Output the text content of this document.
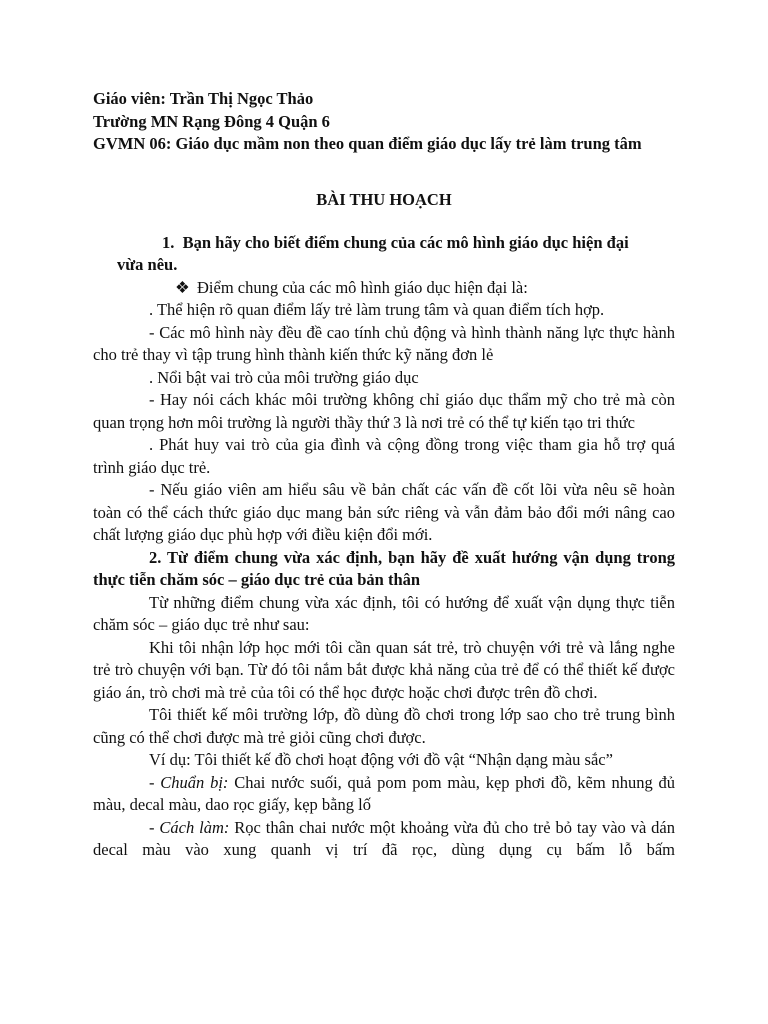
Giáo viên: Trần Thị Ngọc Thảo

Trường MN Rạng Đông 4 Quận 6

GVMN 06: Giáo dục mầm non theo quan điểm giáo dục lấy trẻ làm trung tâm

BÀI THU HOẠCH

1. Bạn hãy cho biết điểm chung của các mô hình giáo dục hiện đại

vừa nêu.

❖ Điểm chung của các mô hình giáo dục hiện đại là:

. Thể hiện rõ quan điểm lấy trẻ làm trung tâm và quan điểm tích hợp.

- Các mô hình này đều đề cao tính chủ động và hình thành năng lực thực hành cho trẻ thay vì tập trung hình thành kiến thức kỹ năng đơn lẻ

. Nổi bật vai trò của môi trường giáo dục

- Hay nói cách khác môi trường không chỉ giáo dục thẩm mỹ cho trẻ mà còn quan trọng hơn môi trường là người thầy thứ 3 là nơi trẻ có thể tự kiến tạo tri thức

. Phát huy vai trò của gia đình và cộng đồng trong việc tham gia hỗ trợ quá trình giáo dục trẻ.

- Nếu giáo viên am hiểu sâu về bản chất các vấn đề cốt lõi vừa nêu sẽ hoàn toàn có thể cách thức giáo dục mang bản sức riêng và vẫn đảm bảo đổi mới nâng cao chất lượng giáo dục phù hợp với điều kiện đổi mới.

2. Từ điểm chung vừa xác định, bạn hãy đề xuất hướng vận dụng trong thực tiễn chăm sóc – giáo dục trẻ của bản thân

Từ những điểm chung vừa xác định, tôi có hướng để xuất vận dụng thực tiễn chăm sóc – giáo dục trẻ như sau:

Khi tôi nhận lớp học mới tôi cần quan sát trẻ, trò chuyện với trẻ và lắng nghe trẻ trò chuyện với bạn. Từ đó tôi nắm bắt được khả năng của trẻ để có thể thiết kế được giáo án, trò chơi mà trẻ của tôi có thể học được hoặc chơi được trên đồ chơi.

Tôi thiết kế môi trường lớp, đồ dùng đồ chơi trong lớp sao cho trẻ trung bình cũng có thể chơi được mà trẻ giỏi cũng chơi được.

Ví dụ: Tôi thiết kế đồ chơi hoạt động với đồ vật “Nhận dạng màu sắc”

- Chuẩn bị: Chai nước suối, quả pom pom màu, kẹp phơi đồ, kẽm nhung đủ màu, decal màu, dao rọc giấy, kẹp bằng lố

- Cách làm: Rọc thân chai nước một khoảng vừa đủ cho trẻ bỏ tay vào và dán decal màu vào xung quanh vị trí đã rọc, dùng dụng cụ bấm lỗ bấm
